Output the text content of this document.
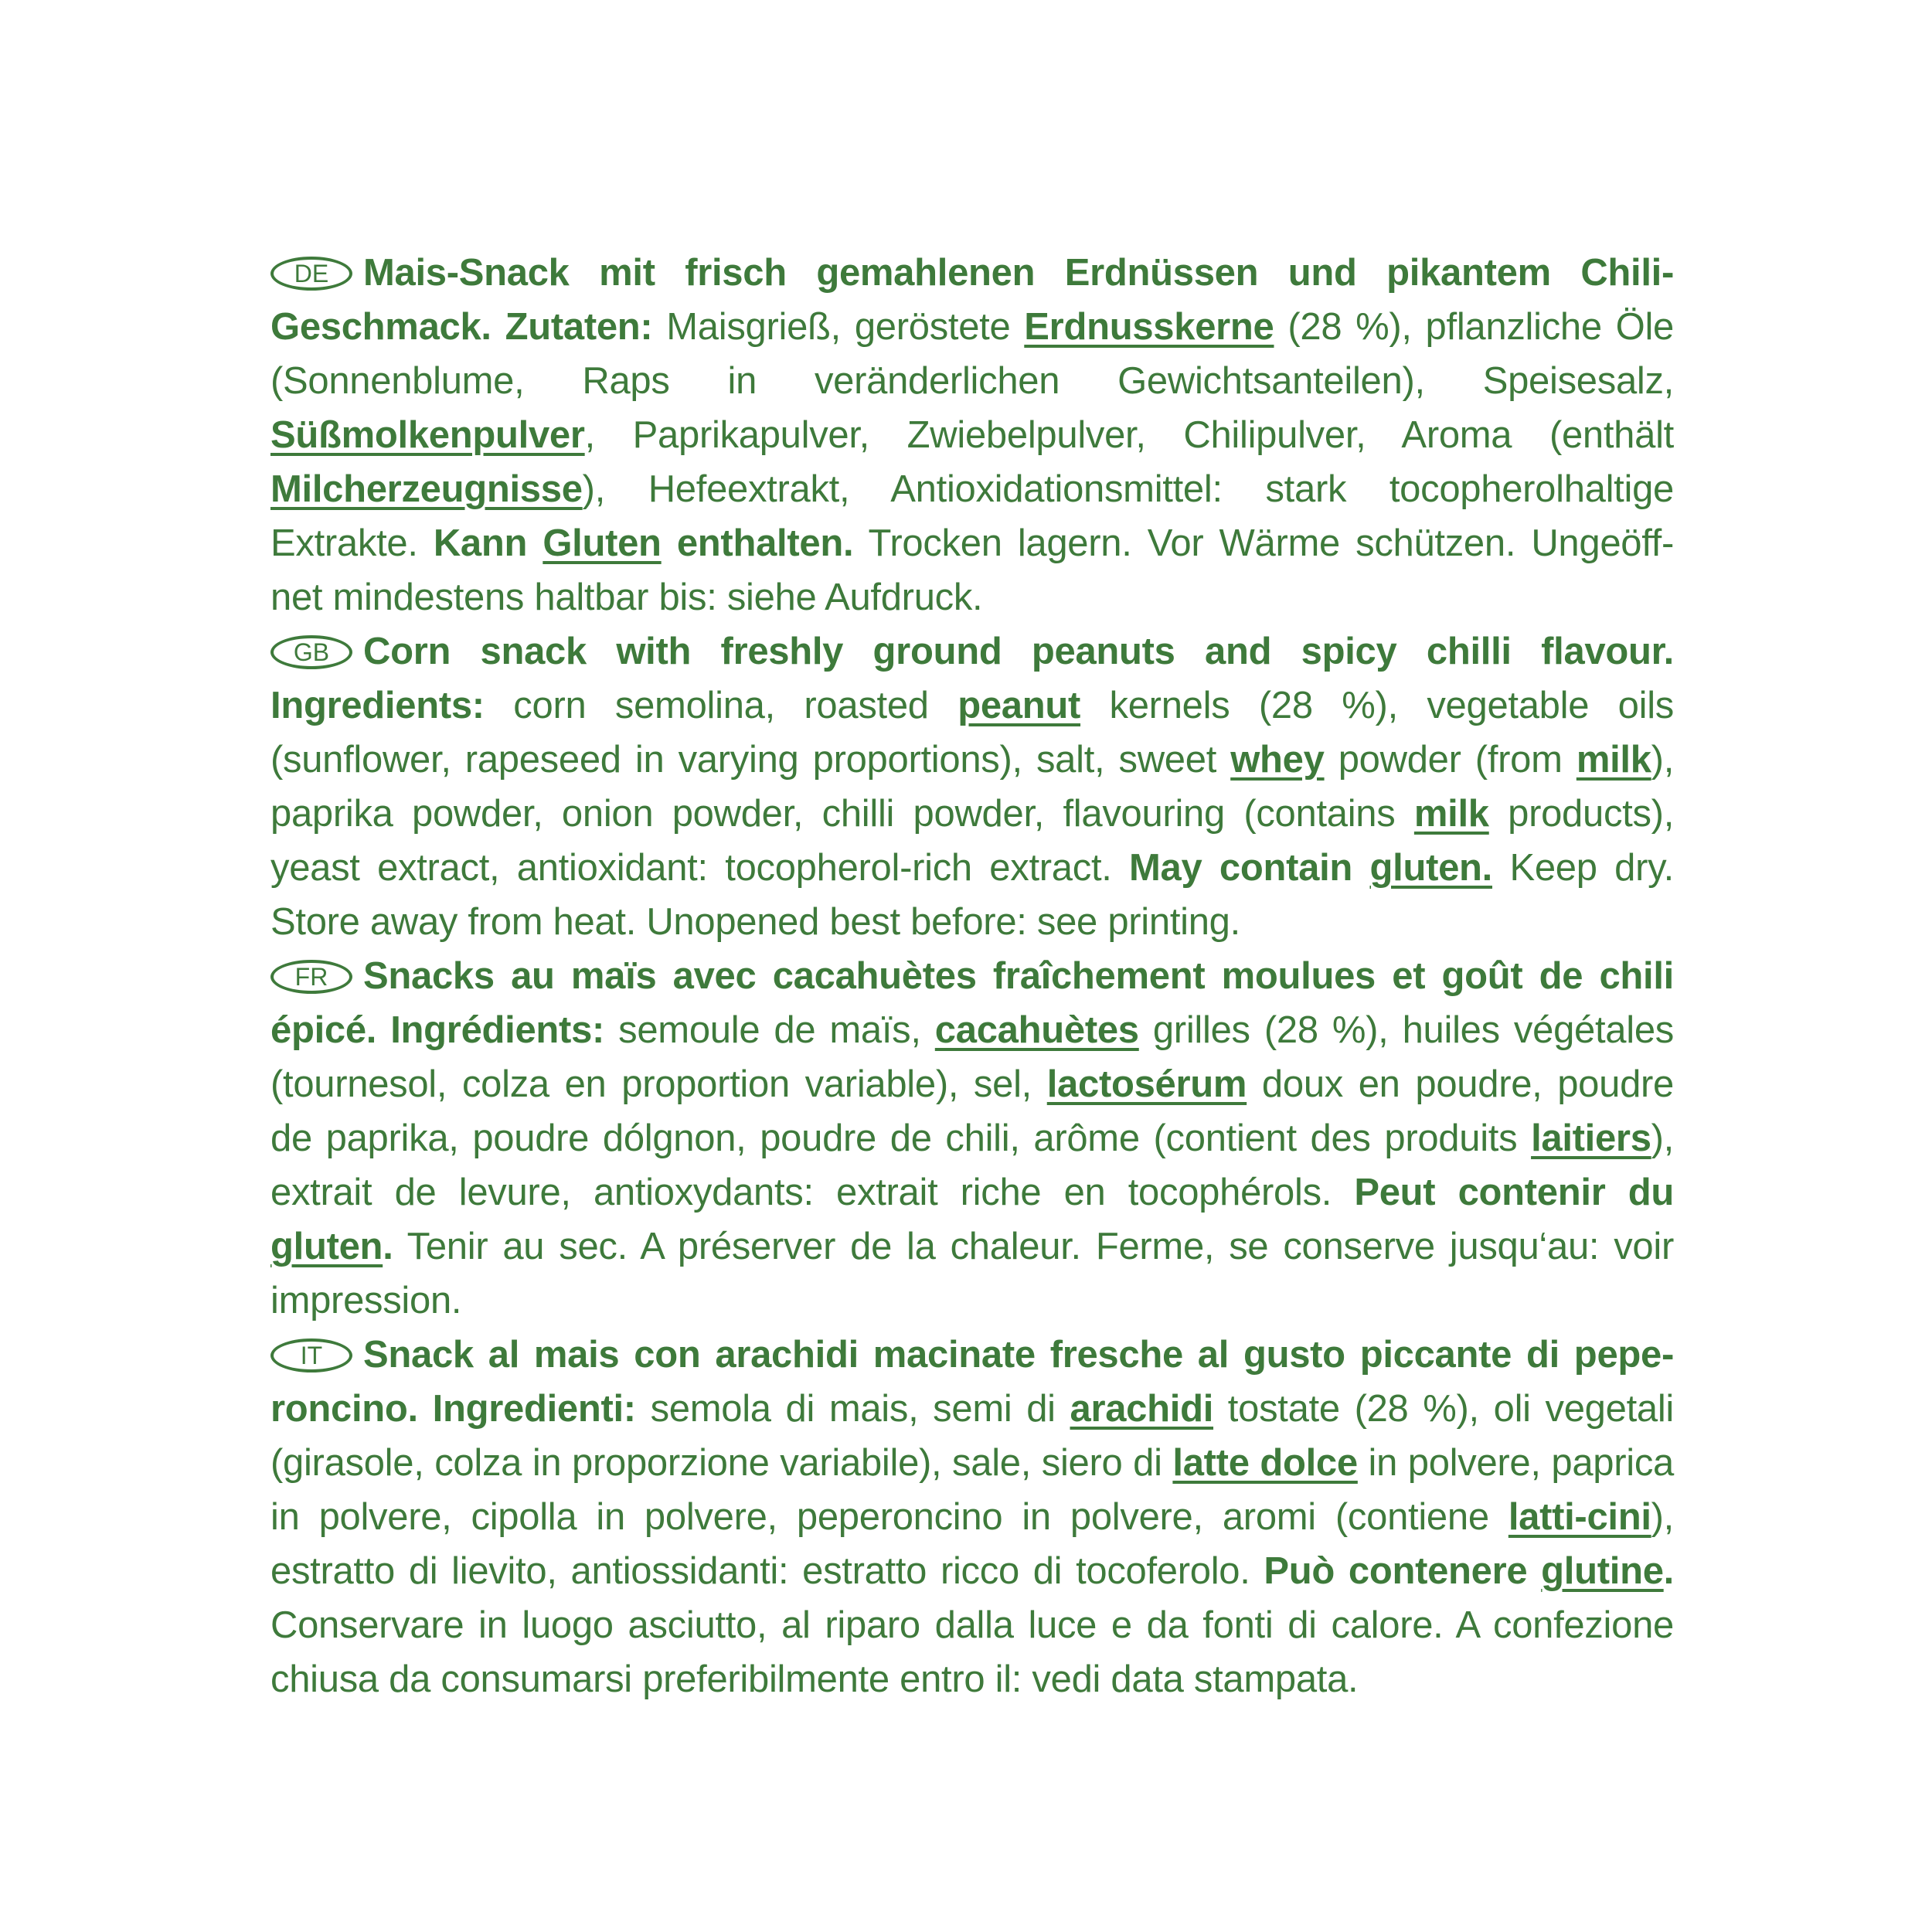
DE Mais-Snack mit frisch gemahlenen Erdnüssen und pikantem Chili-Geschmack. Zutaten: Maisgrieß, geröstete Erdnusskerne (28 %), pflanzliche Öle (Sonnenblume, Raps in veränderlichen Gewichtsanteilen), Speisesalz, Süßmolkenpulver, Paprikapulver, Zwiebelpulver, Chilipulver, Aroma (enthält Milcherzeugnisse), Hefeextrakt, Antioxidationsmittel: stark tocopherolhaltige Extrakte. Kann Gluten enthalten. Trocken lagern. Vor Wärme schützen. Ungeöff-net mindestens haltbar bis: siehe Aufdruck.

GB Corn snack with freshly ground peanuts and spicy chilli flavour. Ingredients: corn semolina, roasted peanut kernels (28 %), vegetable oils (sunflower, rapeseed in varying proportions), salt, sweet whey powder (from milk), paprika powder, onion powder, chilli powder, flavouring (contains milk products), yeast extract, antioxidant: tocopherol-rich extract. May contain gluten. Keep dry. Store away from heat. Unopened best before: see printing.

FR Snacks au maïs avec cacahuètes fraîchement moulues et goût de chili épicé. Ingrédients: semoule de maïs, cacahuètes grilles (28 %), huiles végétales (tournesol, colza en proportion variable), sel, lactosérum doux en poudre, poudre de paprika, poudre dólgnon, poudre de chili, arôme (contient des produits laitiers), extrait de levure, antioxydants: extrait riche en tocophérols. Peut contenir du gluten. Tenir au sec. A préserver de la chaleur. Ferme, se conserve jusqu‘au: voir impression.

IT Snack al mais con arachidi macinate fresche al gusto piccante di pepe-roncino. Ingredienti: semola di mais, semi di arachidi tostate (28 %), oli vegetali (girasole, colza in proporzione variabile), sale, siero di latte dolce in polvere, paprica in polvere, cipolla in polvere, peperoncino in polvere, aromi (contiene latti-cini), estratto di lievito, antiossidanti: estratto ricco di tocoferolo. Può contenere glutine. Conservare in luogo asciutto, al riparo dalla luce e da fonti di calore. A confezione chiusa da consumarsi preferibilmente entro il: vedi data stampata.
